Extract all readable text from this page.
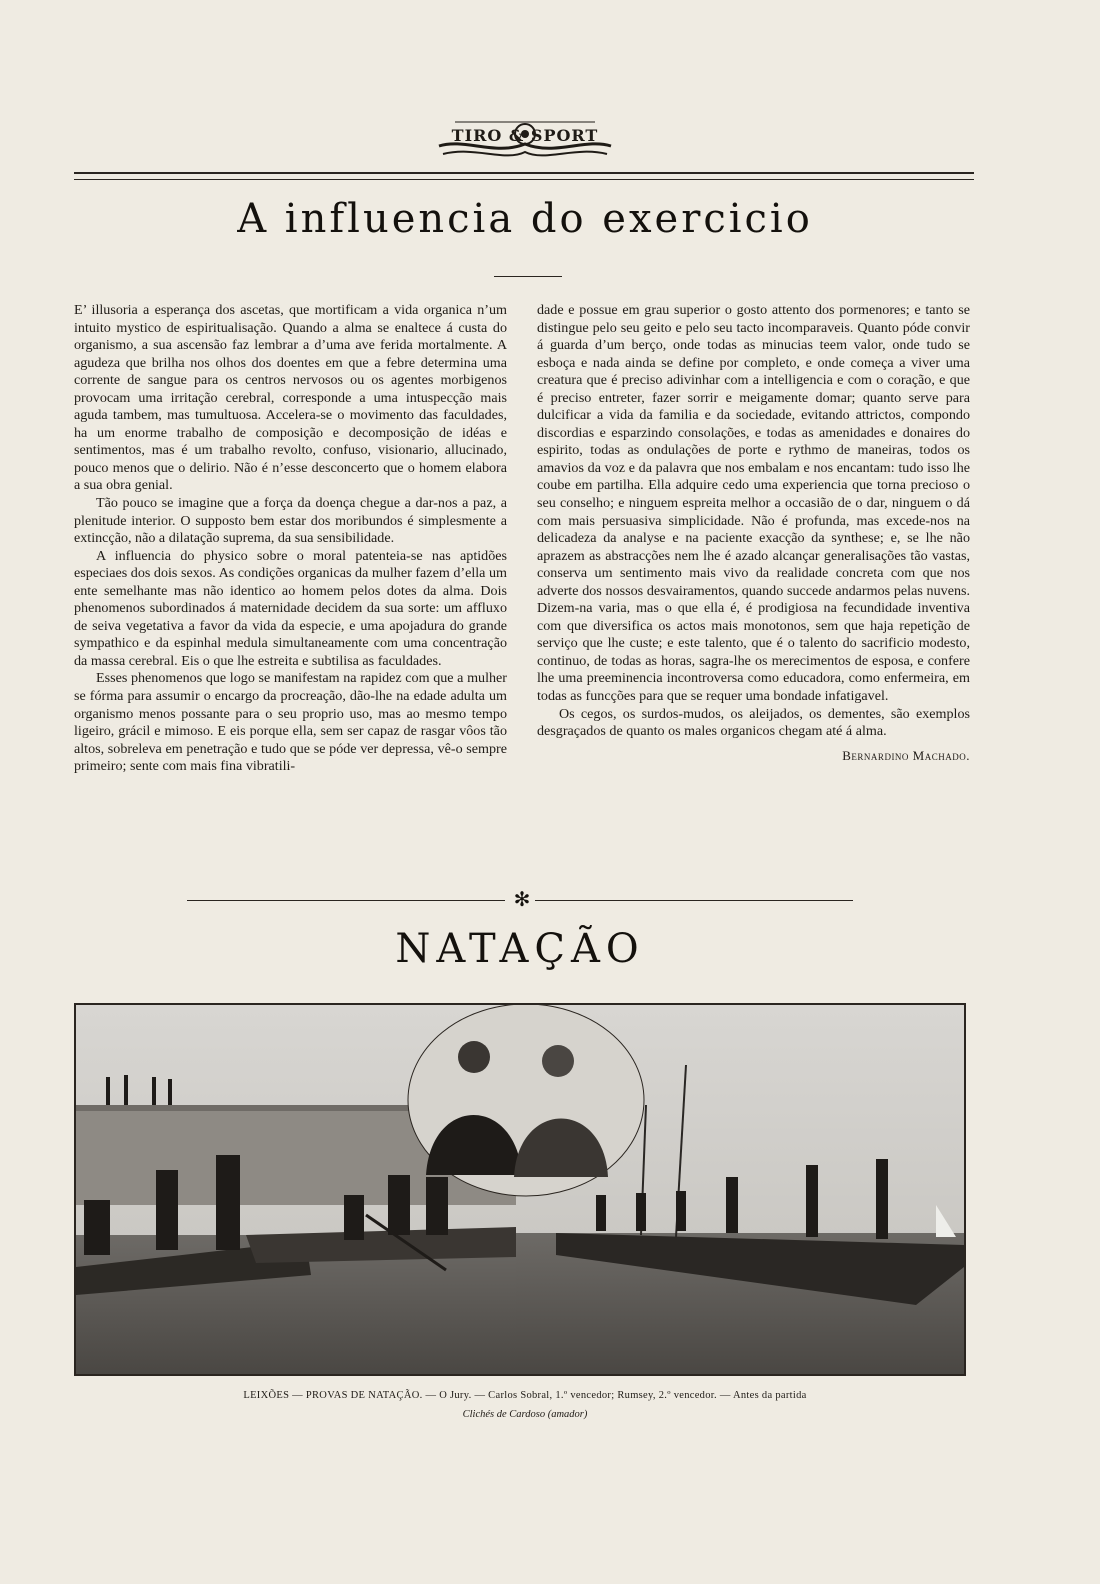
TIRO & SPORT
A influencia do exercicio

E’ illusoria a esperança dos ascetas, que mortificam a vida organica n’um intuito mystico de espiritualisação. Quando a alma se enaltece á custa do organismo, a sua ascensão faz lembrar a d’uma ave ferida mortalmente. A agudeza que brilha nos olhos dos doentes em que a febre determina uma corrente de sangue para os centros nervosos ou os agentes morbigenos provocam uma irritação cerebral, corresponde a uma intuspecção mais aguda tambem, mas tumultuosa. Accelera-se o movimento das faculdades, ha um enorme trabalho de composição e decomposição de idéas e sentimentos, mas é um trabalho revolto, confuso, visionario, allucinado, pouco menos que o delirio. Não é n’esse desconcerto que o homem elabora a sua obra genial.

Tão pouco se imagine que a força da doença chegue a dar-nos a paz, a plenitude interior. O supposto bem estar dos moribundos é simplesmente a extincção, não a dilatação suprema, da sua sensibilidade.

A influencia do physico sobre o moral patenteia-se nas aptidões especiaes dos dois sexos. As condições organicas da mulher fazem d’ella um ente semelhante mas não identico ao homem pelos dotes da alma. Dois phenomenos subordinados á maternidade decidem da sua sorte: um affluxo de seiva vegetativa a favor da vida da especie, e uma apojadura do grande sympathico e da espinhal medula simultaneamente com uma concentração da massa cerebral. Eis o que lhe estreita e subtilisa as faculdades.

Esses phenomenos que logo se manifestam na rapidez com que a mulher se fórma para assumir o encargo da procreação, dão-lhe na edade adulta um organismo menos possante para o seu proprio uso, mas ao mesmo tempo ligeiro, grácil e mimoso. E eis porque ella, sem ser capaz de rasgar vôos tão altos, sobreleva em penetração e tudo que se póde ver depressa, vê-o sempre primeiro; sente com mais fina vibratili-

dade e possue em grau superior o gosto attento dos pormenores; e tanto se distingue pelo seu geito e pelo seu tacto incomparaveis. Quanto póde convir á guarda d’um berço, onde todas as minucias teem valor, onde tudo se esboça e nada ainda se define por completo, e onde começa a viver uma creatura que é preciso adivinhar com a intelligencia e com o coração, e que é preciso entreter, fazer sorrir e meigamente domar; quanto serve para dulcificar a vida da familia e da sociedade, evitando attrictos, compondo discordias e esparzindo consolações, e todas as amenidades e donaires do espirito, todas as ondulações de porte e rythmo de maneiras, todos os amavios da voz e da palavra que nos embalam e nos encantam: tudo isso lhe coube em partilha. Ella adquire cedo uma experiencia que torna precioso o seu conselho; e ninguem espreita melhor a occasião de o dar, ninguem o dá com mais persuasiva simplicidade. Não é profunda, mas excede-nos na delicadeza da analyse e na paciente exacção da synthese; e, se lhe não aprazem as abstracções nem lhe é azado alcançar generalisações tão vastas, conserva um sentimento mais vivo da realidade concreta com que nos adverte dos nossos desvairamentos, quando succede andarmos pelas nuvens. Dizem-na varia, mas o que ella é, é prodigiosa na fecundidade inventiva com que diversifica os actos mais monotonos, sem que haja repetição de serviço que lhe custe; e este talento, que é o talento do sacrificio modesto, continuo, de todas as horas, sagra-lhe os merecimentos de esposa, e confere lhe uma preeminencia incontroversa como educadora, como enfermeira, em todas as funcções para que se requer uma bondade infatigavel.

Os cegos, os surdos-mudos, os aleijados, os dementes, são exemplos desgraçados de quanto os males organicos chegam até á alma.

Bernardino Machado.
✻
NATAÇÃO
LEIXÕES — PROVAS DE NATAÇÃO. — O Jury. — Carlos Sobral, 1.º vencedor; Rumsey, 2.º vencedor. — Antes da partida
Clichés de Cardoso (amador)
